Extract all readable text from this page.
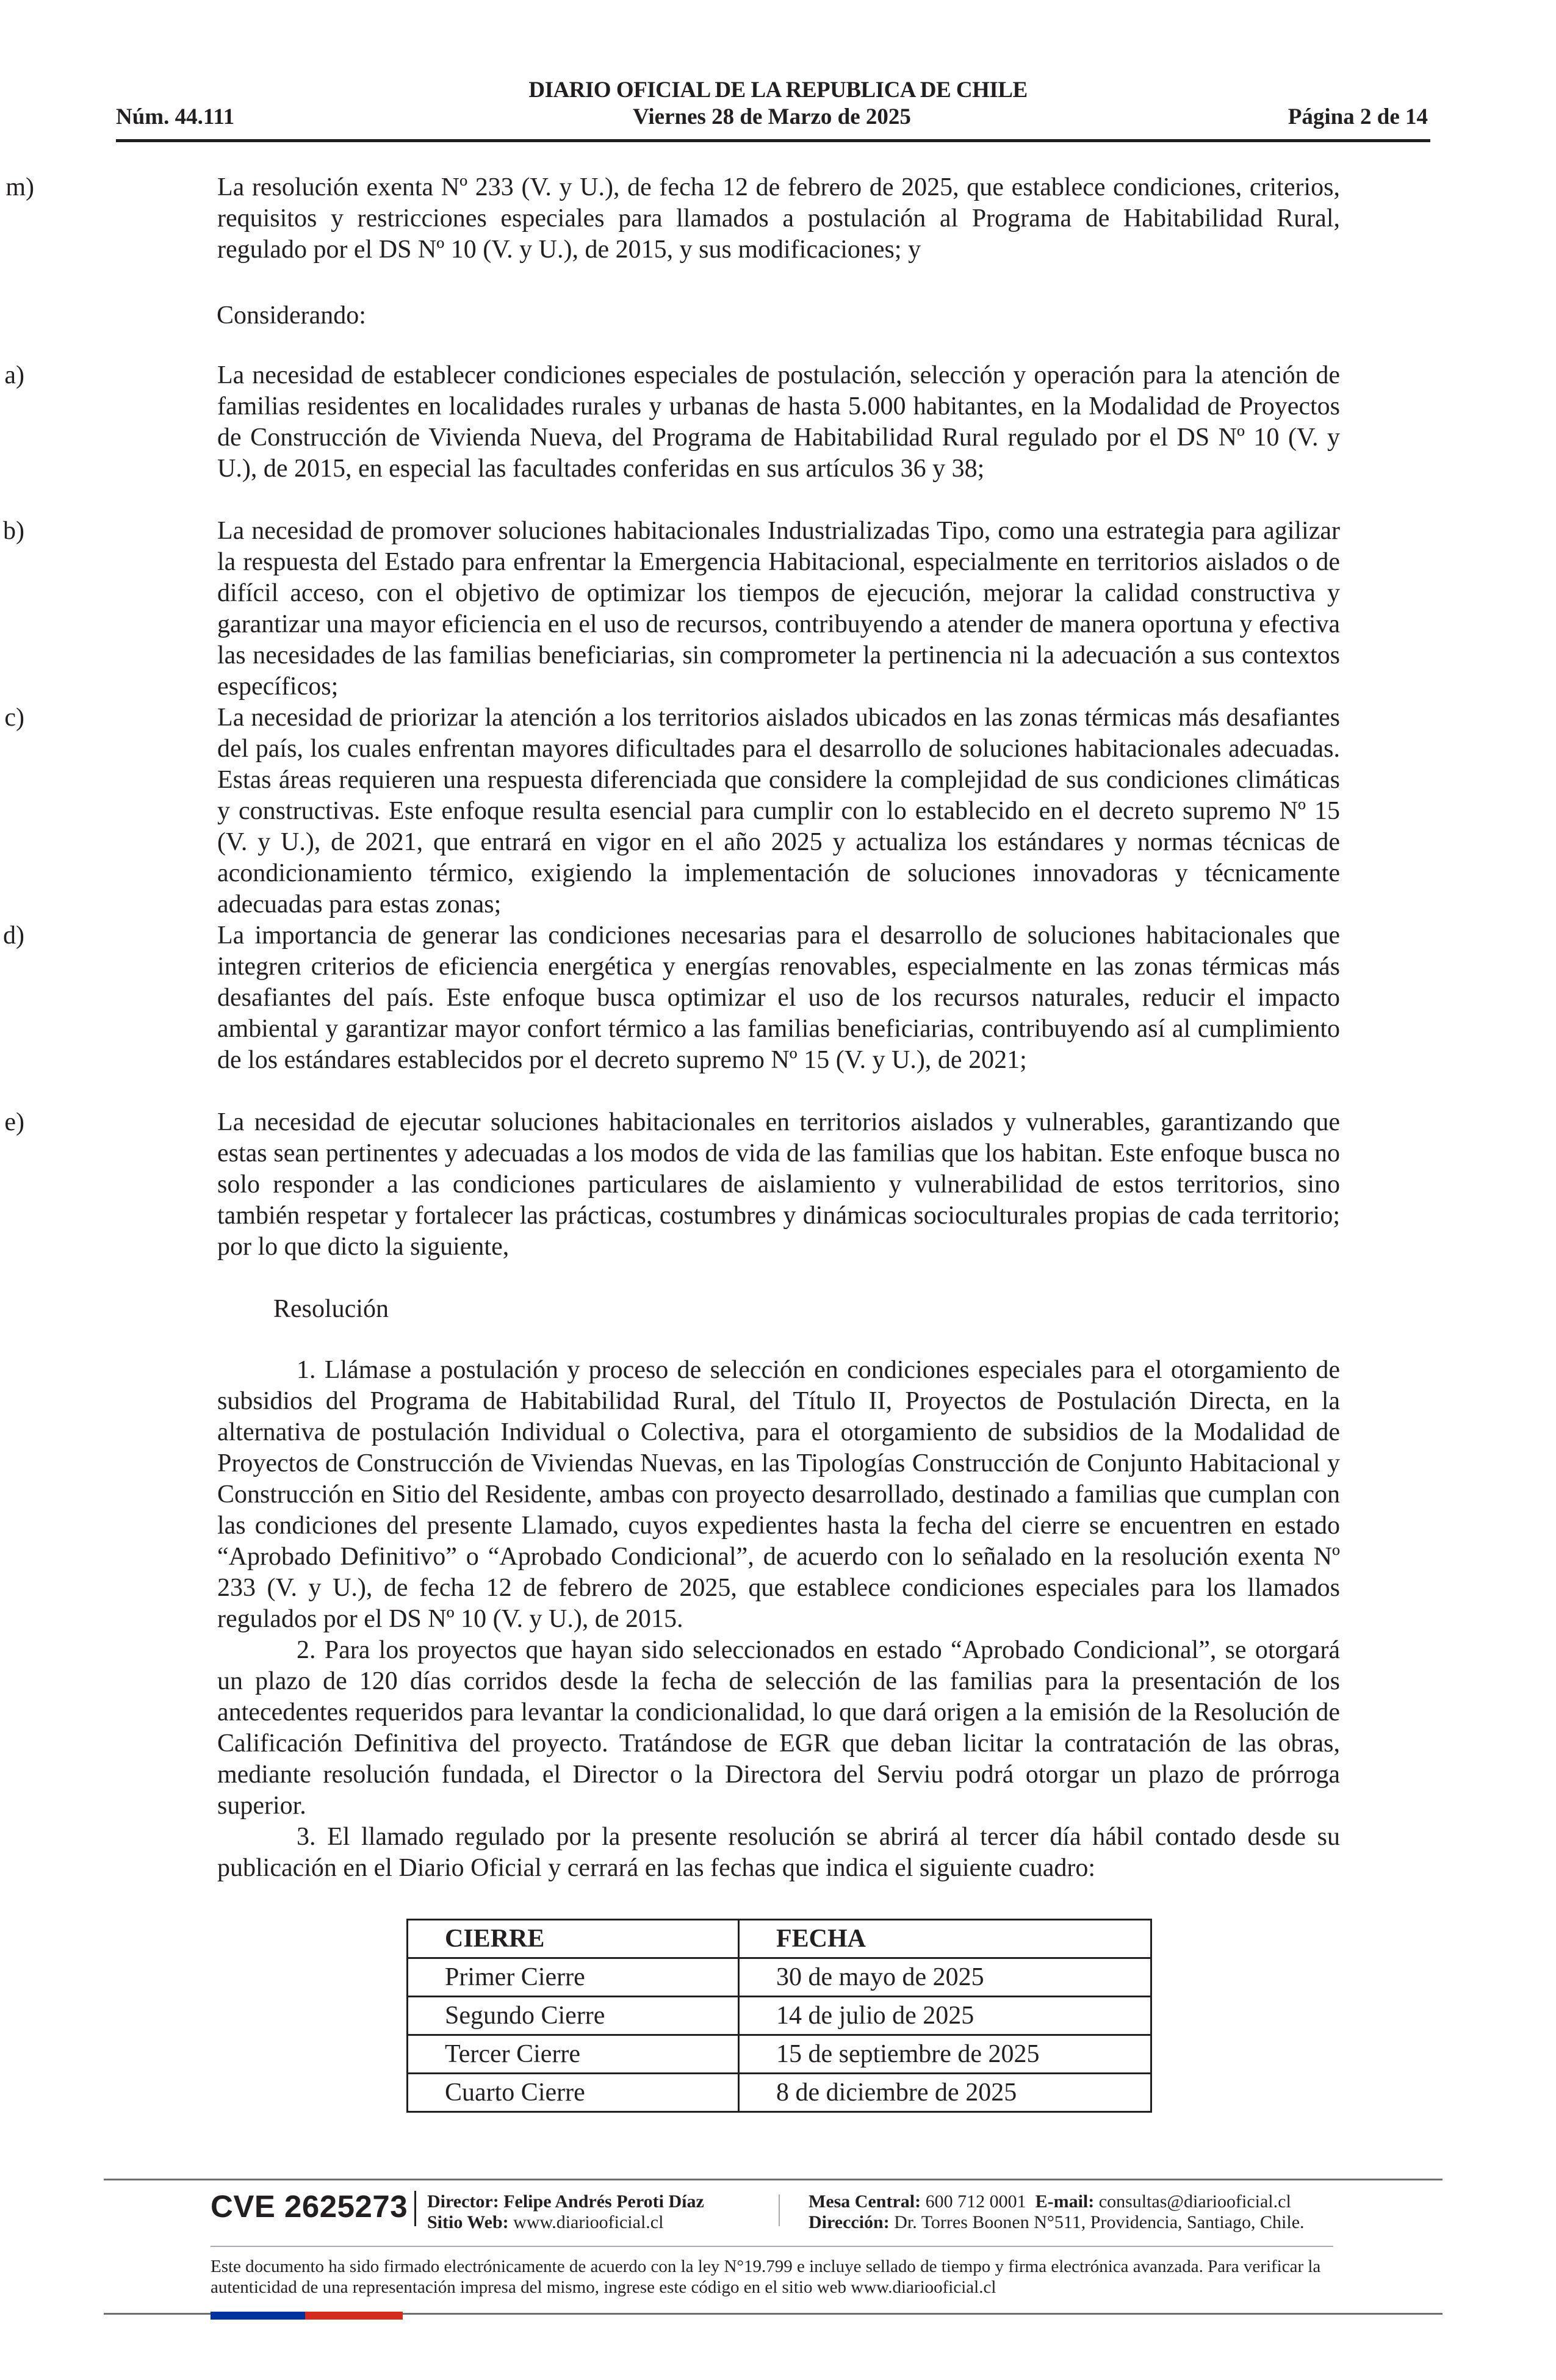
DIARIO OFICIAL DE LA REPUBLICA DE CHILE
Núm. 44.111	Viernes 28 de Marzo de 2025	Página 2 de 14
m)	La resolución exenta Nº 233 (V. y U.), de fecha 12 de febrero de 2025, que establece condiciones, criterios, requisitos y restricciones especiales para llamados a postulación al Programa de Habitabilidad Rural, regulado por el DS Nº 10 (V. y U.), de 2015, y sus modificaciones; y
Considerando:
a)	La necesidad de establecer condiciones especiales de postulación, selección y operación para la atención de familias residentes en localidades rurales y urbanas de hasta 5.000 habitantes, en la Modalidad de Proyectos de Construcción de Vivienda Nueva, del Programa de Habitabilidad Rural regulado por el DS Nº 10 (V. y U.), de 2015, en especial las facultades conferidas en sus artículos 36 y 38;
b)	La necesidad de promover soluciones habitacionales Industrializadas Tipo, como una estrategia para agilizar la respuesta del Estado para enfrentar la Emergencia Habitacional, especialmente en territorios aislados o de difícil acceso, con el objetivo de optimizar los tiempos de ejecución, mejorar la calidad constructiva y garantizar una mayor eficiencia en el uso de recursos, contribuyendo a atender de manera oportuna y efectiva las necesidades de las familias beneficiarias, sin comprometer la pertinencia ni la adecuación a sus contextos específicos;
c)	La necesidad de priorizar la atención a los territorios aislados ubicados en las zonas térmicas más desafiantes del país, los cuales enfrentan mayores dificultades para el desarrollo de soluciones habitacionales adecuadas. Estas áreas requieren una respuesta diferenciada que considere la complejidad de sus condiciones climáticas y constructivas. Este enfoque resulta esencial para cumplir con lo establecido en el decreto supremo Nº 15 (V. y U.), de 2021, que entrará en vigor en el año 2025 y actualiza los estándares y normas técnicas de acondicionamiento térmico, exigiendo la implementación de soluciones innovadoras y técnicamente adecuadas para estas zonas;
d)	La importancia de generar las condiciones necesarias para el desarrollo de soluciones habitacionales que integren criterios de eficiencia energética y energías renovables, especialmente en las zonas térmicas más desafiantes del país. Este enfoque busca optimizar el uso de los recursos naturales, reducir el impacto ambiental y garantizar mayor confort térmico a las familias beneficiarias, contribuyendo así al cumplimiento de los estándares establecidos por el decreto supremo Nº 15 (V. y U.), de 2021;
e)	La necesidad de ejecutar soluciones habitacionales en territorios aislados y vulnerables, garantizando que estas sean pertinentes y adecuadas a los modos de vida de las familias que los habitan. Este enfoque busca no solo responder a las condiciones particulares de aislamiento y vulnerabilidad de estos territorios, sino también respetar y fortalecer las prácticas, costumbres y dinámicas socioculturales propias de cada territorio; por lo que dicto la siguiente,
Resolución
1. Llámase a postulación y proceso de selección en condiciones especiales para el otorgamiento de subsidios del Programa de Habitabilidad Rural, del Título II, Proyectos de Postulación Directa, en la alternativa de postulación Individual o Colectiva, para el otorgamiento de subsidios de la Modalidad de Proyectos de Construcción de Viviendas Nuevas, en las Tipologías Construcción de Conjunto Habitacional y Construcción en Sitio del Residente, ambas con proyecto desarrollado, destinado a familias que cumplan con las condiciones del presente Llamado, cuyos expedientes hasta la fecha del cierre se encuentren en estado “Aprobado Definitivo” o “Aprobado Condicional”, de acuerdo con lo señalado en la resolución exenta Nº 233 (V. y U.), de fecha 12 de febrero de 2025, que establece condiciones especiales para los llamados regulados por el DS Nº 10 (V. y U.), de 2015.
2. Para los proyectos que hayan sido seleccionados en estado “Aprobado Condicional”, se otorgará un plazo de 120 días corridos desde la fecha de selección de las familias para la presentación de los antecedentes requeridos para levantar la condicionalidad, lo que dará origen a la emisión de la Resolución de Calificación Definitiva del proyecto. Tratándose de EGR que deban licitar la contratación de las obras, mediante resolución fundada, el Director o la Directora del Serviu podrá otorgar un plazo de prórroga superior.
3. El llamado regulado por la presente resolución se abrirá al tercer día hábil contado desde su publicación en el Diario Oficial y cerrará en las fechas que indica el siguiente cuadro:
CIERRE	FECHA
Primer Cierre	30 de mayo de 2025
Segundo Cierre	14 de julio de 2025
Tercer Cierre	15 de septiembre de 2025
Cuarto Cierre	8 de diciembre de 2025
CVE 2625273 Director: Felipe Andrés Peroti Díaz
Sitio Web: www.diariooficial.cl
Mesa Central: 600 712 0001 E-mail: consultas@diariooficial.cl
Dirección: Dr. Torres Boonen N°511, Providencia, Santiago, Chile.
Este documento ha sido firmado electrónicamente de acuerdo con la ley N°19.799 e incluye sellado de tiempo y firma electrónica avanzada. Para verificar la autenticidad de una representación impresa del mismo, ingrese este código en el sitio web www.diariooficial.cl
